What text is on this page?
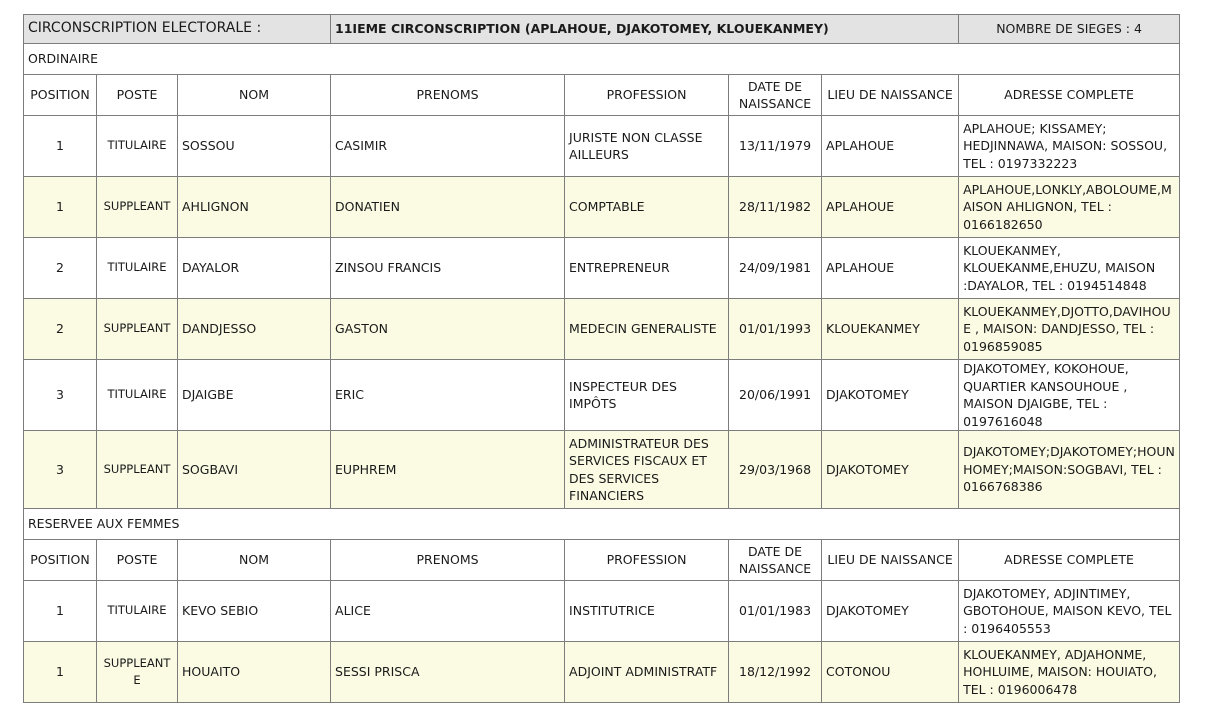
CIRCONSCRIPTION ELECTORALE :			11IEME CIRCONSCRIPTION (APLAHOUE, DJAKOTOMEY, KLOUEKANMEY)				NOMBRE DE SIEGES : 4
ORDINAIRE							
POSITION	POSTE	NOM	PRENOMS	PROFESSION	DATE DE NAISSANCE	LIEU DE NAISSANCE	ADRESSE COMPLETE
1	TITULAIRE	SOSSOU	CASIMIR	JURISTE NON CLASSE AILLEURS	13/11/1979	APLAHOUE	APLAHOUE; KISSAMEY; HEDJINNAWA, MAISON: SOSSOU, TEL : 0197332223
1	SUPPLEANT	AHLIGNON	DONATIEN	COMPTABLE	28/11/1982	APLAHOUE	APLAHOUE,LONKLY,ABOLOUME,MAISON AHLIGNON, TEL : 0166182650
2	TITULAIRE	DAYALOR	ZINSOU FRANCIS	ENTREPRENEUR	24/09/1981	APLAHOUE	KLOUEKANMEY, KLOUEKANME,EHUZU, MAISON :DAYALOR, TEL : 0194514848
2	SUPPLEANT	DANDJESSO	GASTON	MEDECIN GENERALISTE	01/01/1993	KLOUEKANMEY	KLOUEKANMEY,DJOTTO,DAVIHOUE , MAISON: DANDJESSO, TEL : 0196859085
3	TITULAIRE	DJAIGBE	ERIC	INSPECTEUR DES IMPÔTS	20/06/1991	DJAKOTOMEY	DJAKOTOMEY, KOKOHOUE, QUARTIER KANSOUHOUE , MAISON DJAIGBE, TEL : 0197616048
3	SUPPLEANT	SOGBAVI	EUPHREM	ADMINISTRATEUR DES SERVICES FISCAUX ET DES SERVICES FINANCIERS	29/03/1968	DJAKOTOMEY	DJAKOTOMEY;DJAKOTOMEY;HOUNHOMEY;MAISON:SOGBAVI, TEL : 0166768386
RESERVEE AUX FEMMES							
POSITION	POSTE	NOM	PRENOMS	PROFESSION	DATE DE NAISSANCE	LIEU DE NAISSANCE	ADRESSE COMPLETE
1	TITULAIRE	KEVO SEBIO	ALICE	INSTITUTRICE	01/01/1983	DJAKOTOMEY	DJAKOTOMEY, ADJINTIMEY, GBOTOHOUE, MAISON KEVO, TEL : 0196405553
1	SUPPLEANTE	HOUAITO	SESSI PRISCA	ADJOINT ADMINISTRATF	18/12/1992	COTONOU	KLOUEKANMEY, ADJAHONME, HOHLUIME, MAISON: HOUIATO, TEL : 0196006478
